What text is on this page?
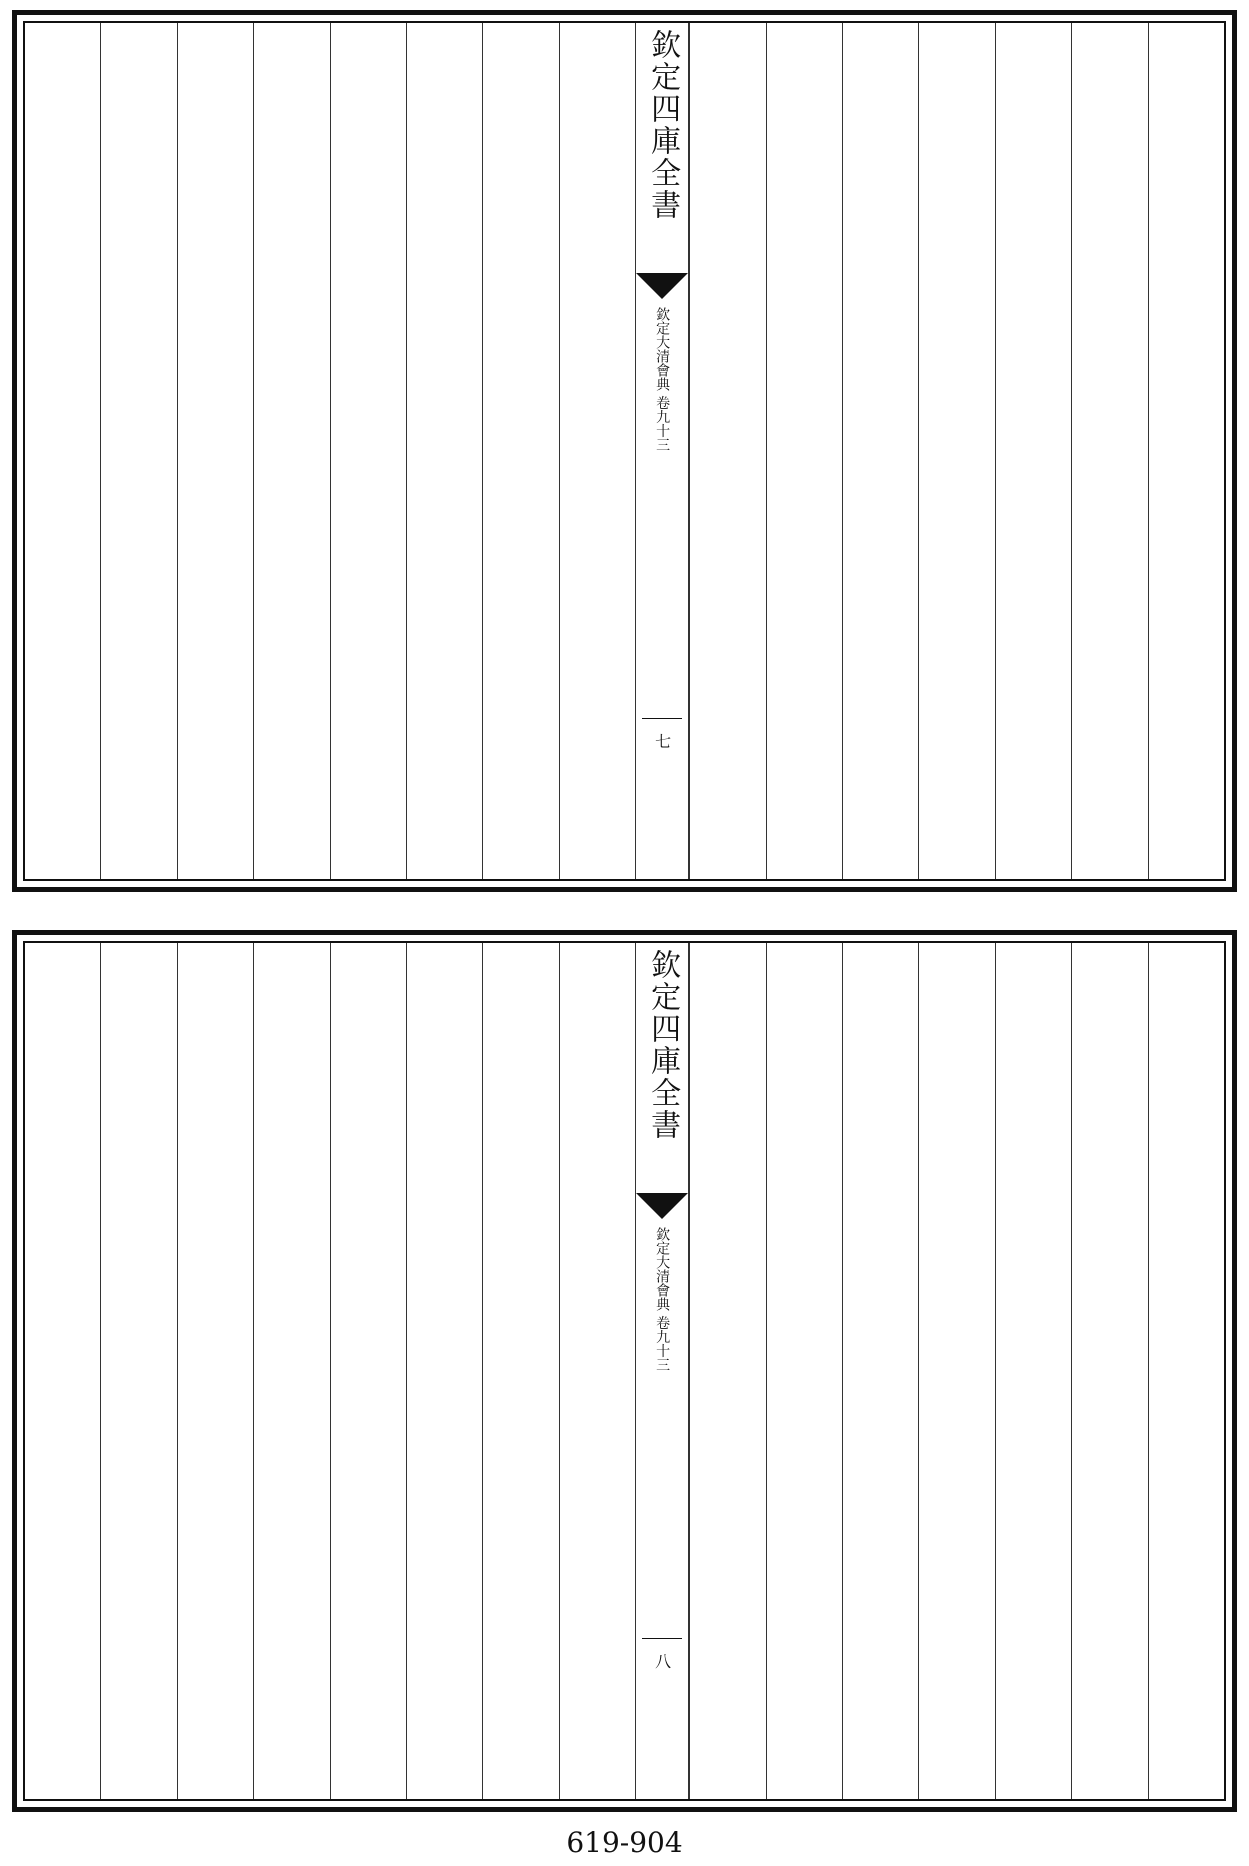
欽定四庫全書
欽定大清會典 卷九十三
七
欽定四庫全書
欽定大清會典 卷九十三
八
619-904
